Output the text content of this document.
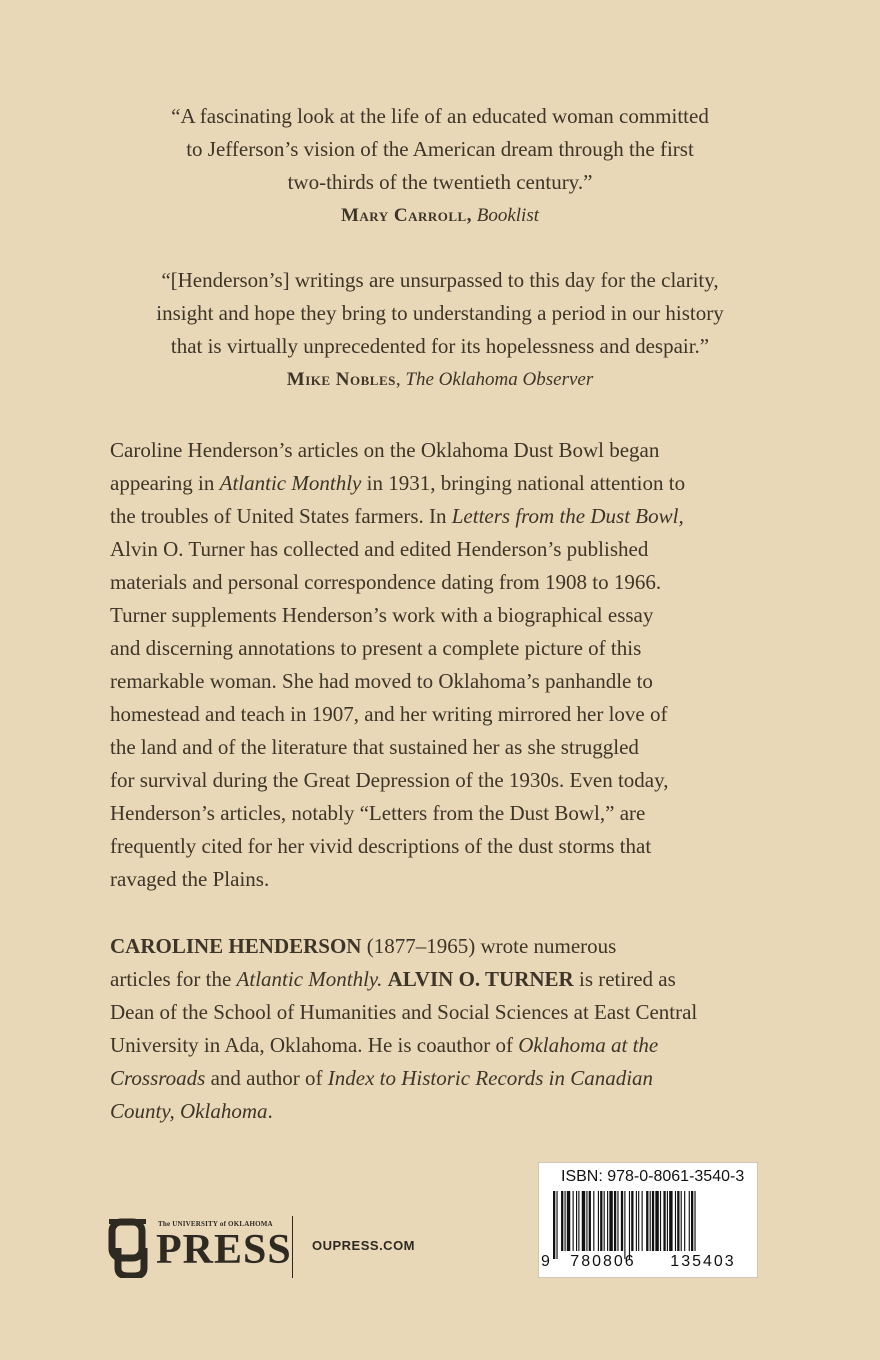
“A fascinating look at the life of an educated woman committed
to Jefferson’s vision of the American dream through the first
two-thirds of the twentieth century.”
Mary Carroll, Booklist
“[Henderson’s] writings are unsurpassed to this day for the clarity,
insight and hope they bring to understanding a period in our history
that is virtually unprecedented for its hopelessness and despair.”
Mike Nobles, The Oklahoma Observer
Caroline Henderson’s articles on the Oklahoma Dust Bowl began
appearing in Atlantic Monthly in 1931, bringing national attention to
the troubles of United States farmers. In Letters from the Dust Bowl,
Alvin O. Turner has collected and edited Henderson’s published
materials and personal correspondence dating from 1908 to 1966.
Turner supplements Henderson’s work with a biographical essay
and discerning annotations to present a complete picture of this
remarkable woman. She had moved to Oklahoma’s panhandle to
homestead and teach in 1907, and her writing mirrored her love of
the land and of the literature that sustained her as she struggled
for survival during the Great Depression of the 1930s. Even today,
Henderson’s articles, notably “Letters from the Dust Bowl,” are
frequently cited for her vivid descriptions of the dust storms that
ravaged the Plains.
CAROLINE HENDERSON (1877–1965) wrote numerous
articles for the Atlantic Monthly. ALVIN O. TURNER is retired as
Dean of the School of Humanities and Social Sciences at East Central
University in Ada, Oklahoma. He is coauthor of Oklahoma at the
Crossroads and author of Index to Historic Records in Canadian
County, Oklahoma.
The UNIVERSITY of OKLAHOMA
PRESS OUPRESS.COM
ISBN: 978-0-8061-3540-3
9	780806	135403
